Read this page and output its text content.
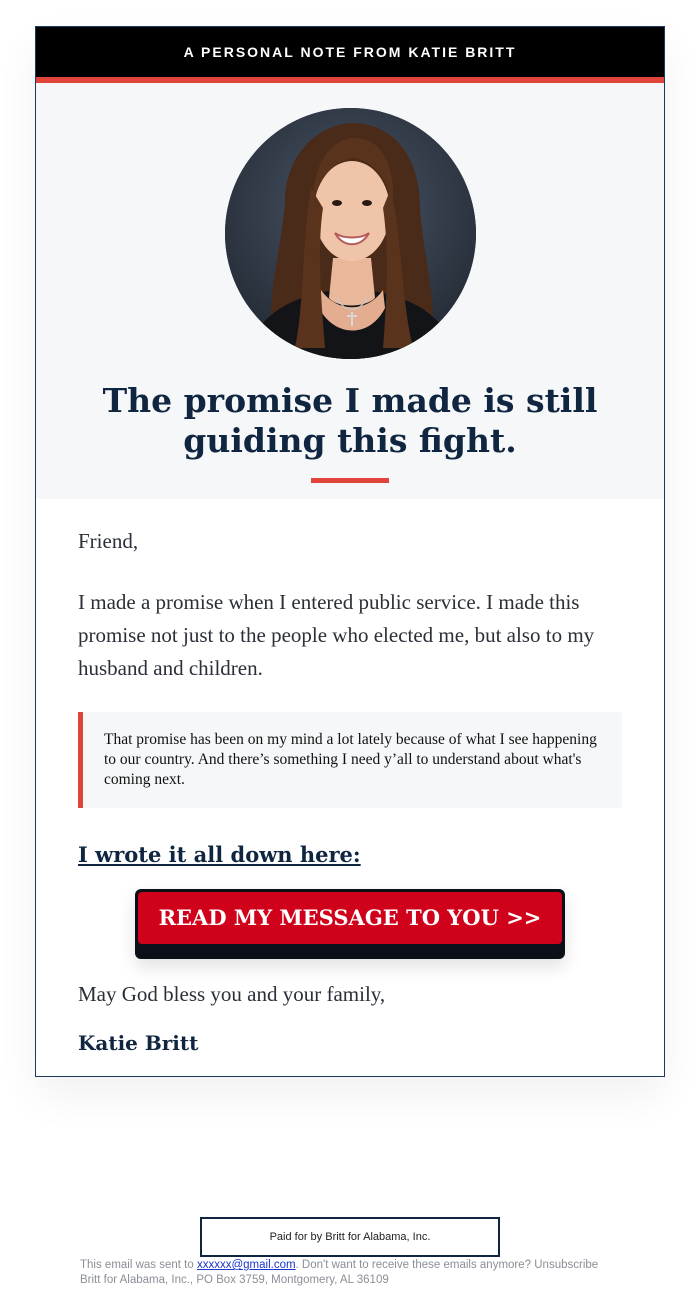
A PERSONAL NOTE FROM KATIE BRITT
The promise I made is still
guiding this fight.

Friend,

I made a promise when I entered public service. I made this promise not just to the people who elected me, but also to my husband and children.

That promise has been on my mind a lot lately because of what I see happening to our country. And there’s something I need y’all to understand about what's coming next.
I wrote it all down here:
READ MY MESSAGE TO YOU >>
May God bless you and your family,
Katie Britt
Paid for by Britt for Alabama, Inc.
This email was sent to xxxxxx@gmail.com. Don't want to receive these emails anymore? Unsubscribe
Britt for Alabama, Inc., PO Box 3759, Montgomery, AL 36109
